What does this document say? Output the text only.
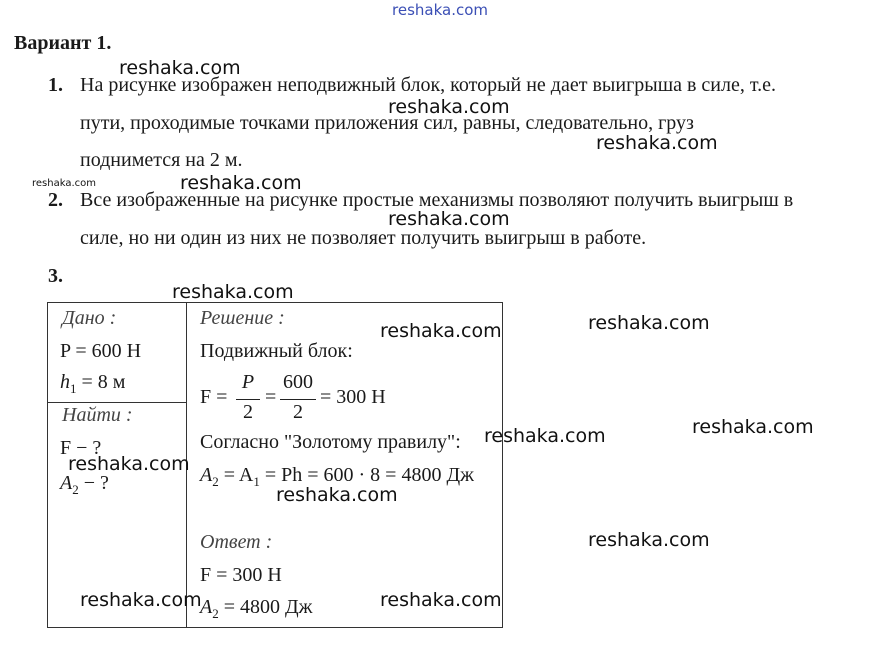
reshaka.com
Вариант 1.
1. На рисунке изображен неподвижный блок, который не дает выигрыша в силе, т.е.
пути, проходимые точками приложения сил, равны, следовательно, груз
поднимется на 2 м.
2. Все изображенные на рисунке простые механизмы позволяют получить выигрыш в
силе, но ни один из них не позволяет получить выигрыш в работе.
3.
Дано :
P = 600 Н
$h_1 = 8$ м
Найти :
F − ?
$A_2$ − ?
Решение :
Подвижный блок:
F =
P
2
=
600
2
= 300 Н
Согласно "Золотому правилу":
$A_2 = A_1 = Ph = 600 \cdot 8 = 4800$ Дж
Ответ :
F = 300 Н
$A_2 = 4800$ Дж
reshaka.com
reshaka.com
reshaka.com
reshaka.com	reshaka.com
reshaka.com
reshaka.com
reshaka.com	reshaka.com
reshaka.com	reshaka.com
reshaka.com
reshaka.com
reshaka.com
reshaka.com	reshaka.com
